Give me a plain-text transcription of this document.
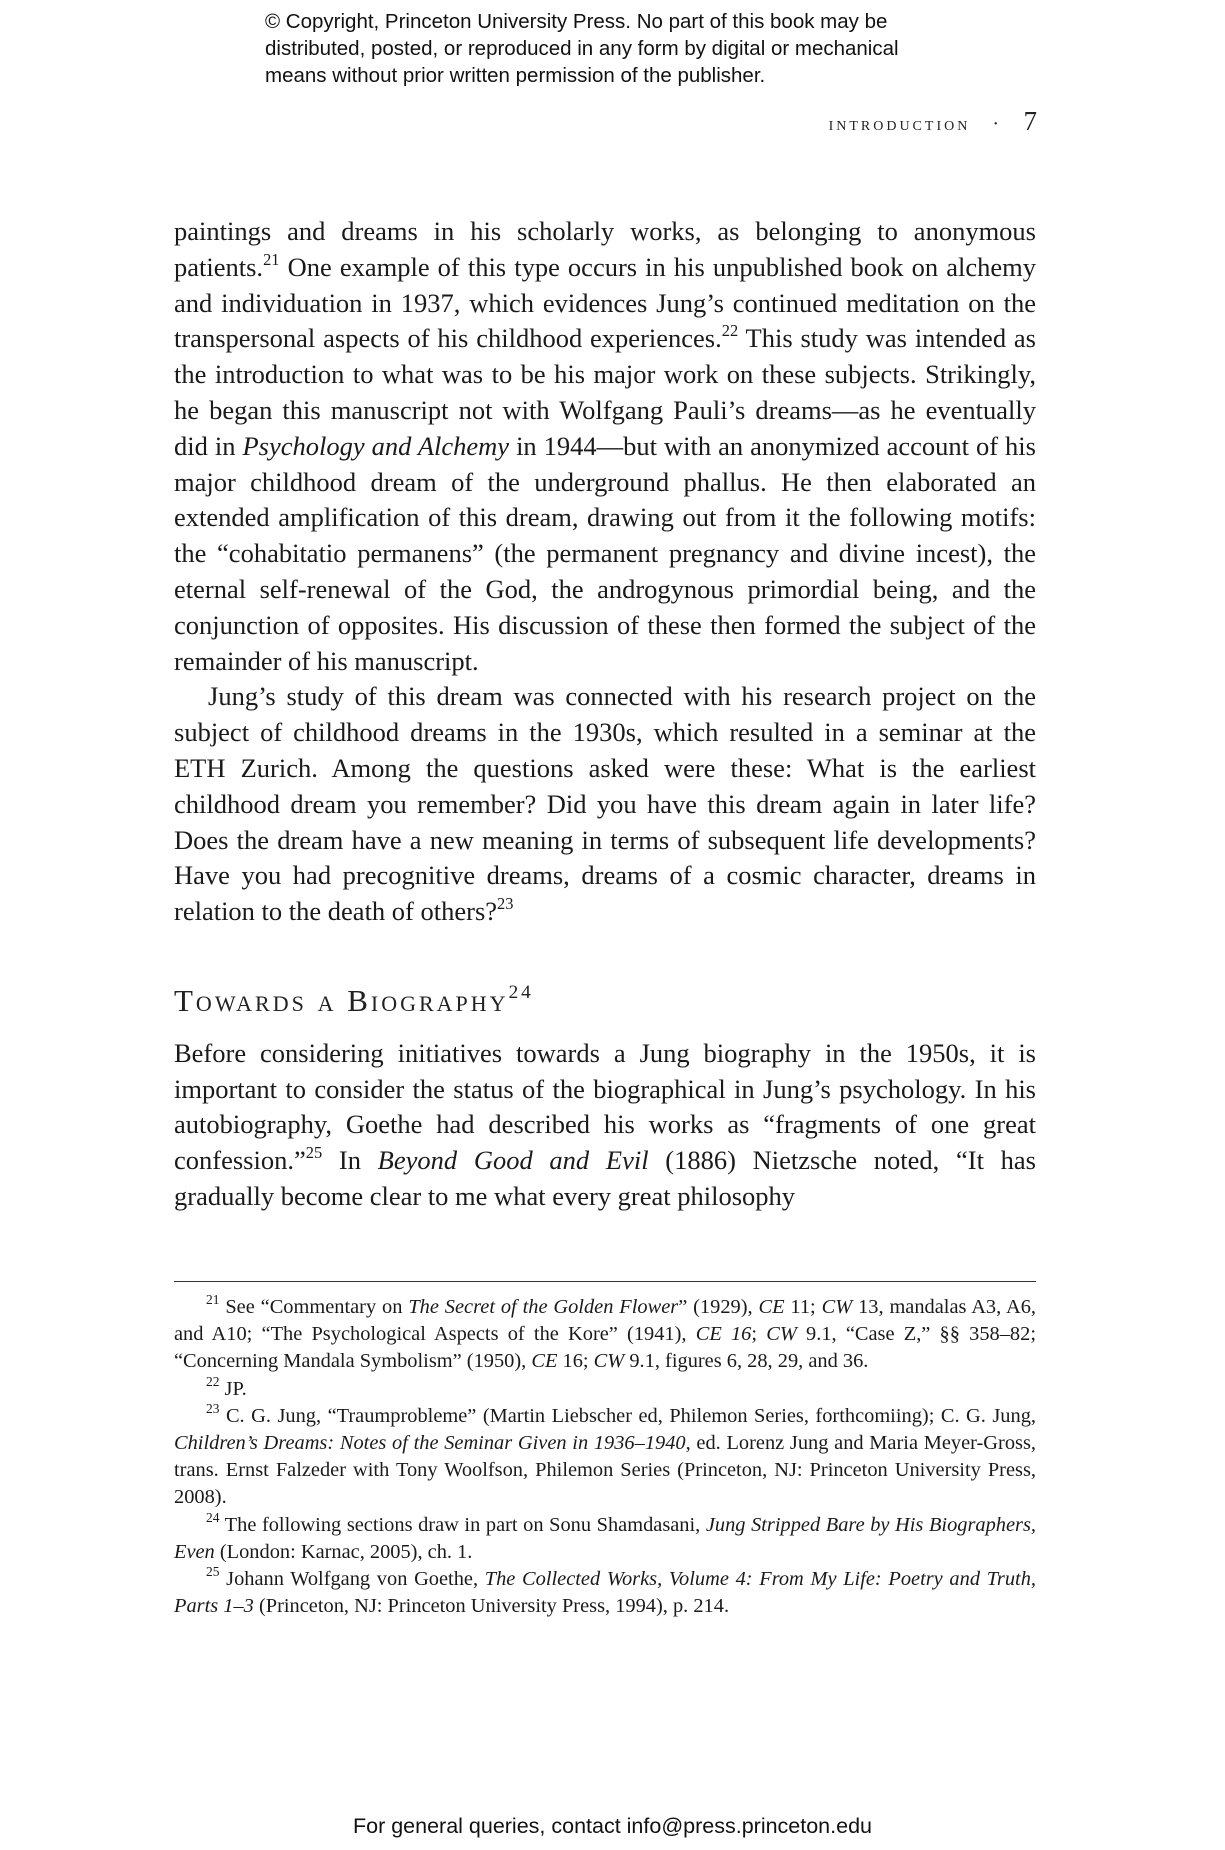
© Copyright, Princeton University Press. No part of this book may be

distributed, posted, or reproduced in any form by digital or mechanical

means without prior written permission of the publisher.

introduction · 7

paintings and dreams in his scholarly works, as belonging to anonymous patients.$^{21}$ One example of this type occurs in his unpublished book on alchemy and individuation in 1937, which evidences Jung’s continued meditation on the transpersonal aspects of his childhood experiences.$^{22}$ This study was intended as the introduction to what was to be his major work on these subjects. Strikingly, he began this manuscript not with Wolfgang Pauli’s dreams—as he eventually did in Psychology and Alchemy in 1944—but with an anonymized account of his major childhood dream of the underground phallus. He then elaborated an extended amplification of this dream, drawing out from it the following motifs: the “cohabitatio permanens” (the permanent pregnancy and divine incest), the eternal self-renewal of the God, the androgynous primordial being, and the conjunction of opposites. His discussion of these then formed the subject of the remainder of his manuscript.

Jung’s study of this dream was connected with his research project on the subject of childhood dreams in the 1930s, which resulted in a seminar at the ETH Zurich. Among the questions asked were these: What is the earliest childhood dream you remember? Did you have this dream again in later life? Does the dream have a new meaning in terms of subsequent life developments? Have you had precognitive dreams, dreams of a cosmic character, dreams in relation to the death of others?$^{23}$

Towards a Biography$^{24}$

Before considering initiatives towards a Jung biography in the 1950s, it is important to consider the status of the biographical in Jung’s psychology. In his autobiography, Goethe had described his works as “fragments of one great confession.”$^{25}$ In Beyond Good and Evil (1886) Nietzsche noted, “It has gradually become clear to me what every great philosophy

$^{21}$ See “Commentary on The Secret of the Golden Flower” (1929), CE 11; CW 13, mandalas A3, A6, and A10; “The Psychological Aspects of the Kore” (1941), CE 16; CW 9.1, “Case Z,” §§ 358–82; “Concerning Mandala Symbolism” (1950), CE 16; CW 9.1, figures 6, 28, 29, and 36.

$^{22}$ JP.

$^{23}$ C. G. Jung, “Traumprobleme” (Martin Liebscher ed, Philemon Series, forthcomiing); C. G. Jung, Children’s Dreams: Notes of the Seminar Given in 1936–1940, ed. Lorenz Jung and Maria Meyer-Gross, trans. Ernst Falzeder with Tony Woolfson, Philemon Series (Princeton, NJ: Princeton University Press, 2008).

$^{24}$ The following sections draw in part on Sonu Shamdasani, Jung Stripped Bare by His Biographers, Even (London: Karnac, 2005), ch. 1.

$^{25}$ Johann Wolfgang von Goethe, The Collected Works, Volume 4: From My Life: Poetry and Truth, Parts 1–3 (Princeton, NJ: Princeton University Press, 1994), p. 214.

For general queries, contact info@press.princeton.edu
